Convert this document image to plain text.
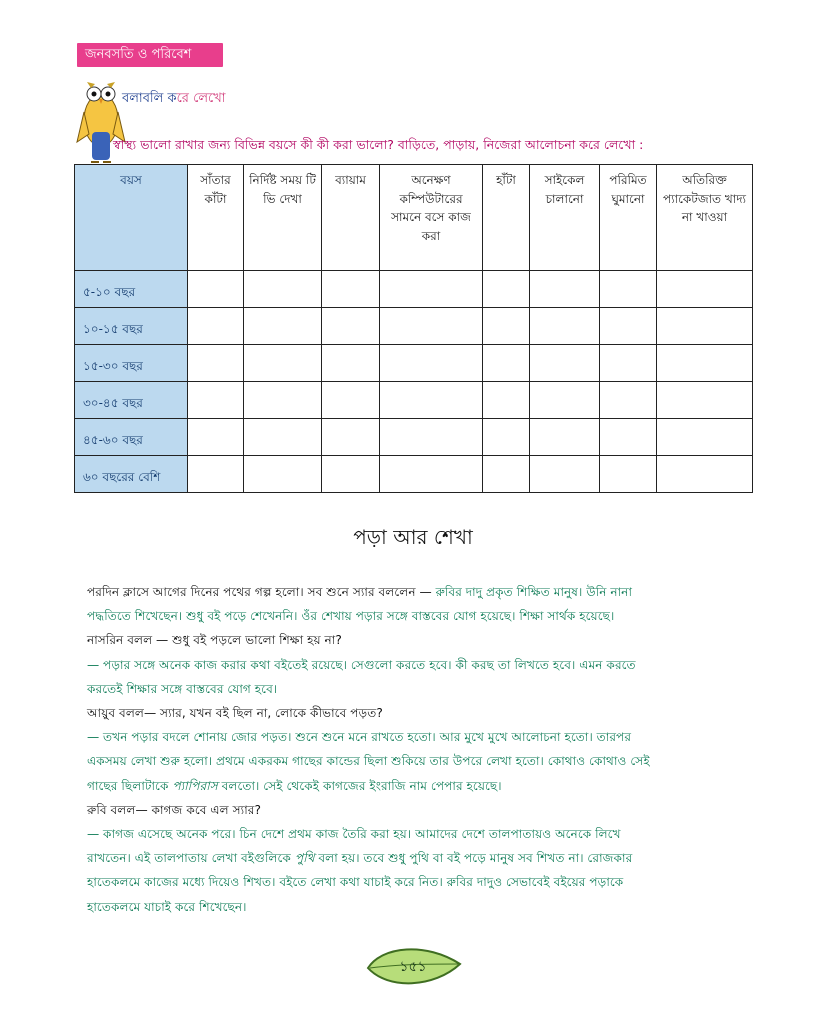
জনবসতি ও পরিবেশ
বলাবলি করে লেখো
স্বাস্থ্য ভালো রাখার জন্য বিভিন্ন বয়সে কী কী করা ভালো? বাড়িতে, পাড়ায়, নিজেরা আলোচনা করে লেখো :
বয়স	সাঁতার কাঁটা	নির্দিষ্ট সময় টি ভি দেখা	ব্যায়াম	অনেক্ষণ কম্পিউটারের সামনে বসে কাজ করা	হাঁটা	সাইকেল চালানো	পরিমিত ঘুমানো	অতিরিক্ত প্যাকেটজাত খাদ্য না খাওয়া
৫-১০ বছর								
১০-১৫ বছর								
১৫-৩০ বছর								
৩০-৪৫ বছর								
৪৫-৬০ বছর								
৬০ বছরের বেশি								
পড়া আর শেখা

পরদিন ক্লাসে আগের দিনের পথের গল্প হলো। সব শুনে স্যার বললেন — রুবির দাদু প্রকৃত শিক্ষিত মানুষ। উনি নানা

পদ্ধতিতে শিখেছেন। শুধু বই পড়ে শেখেননি। ওঁর শেখায় পড়ার সঙ্গে বাস্তবের যোগ হয়েছে। শিক্ষা সার্থক হয়েছে।

নাসরিন বলল — শুধু বই পড়লে ভালো শিক্ষা হয় না?

— পড়ার সঙ্গে অনেক কাজ করার কথা বইতেই রয়েছে। সেগুলো করতে হবে। কী করছ তা লিখতে হবে। এমন করতে

করতেই শিক্ষার সঙ্গে বাস্তবের যোগ হবে।

আয়ুব বলল— স্যার, যখন বই ছিল না, লোকে কীভাবে পড়ত?

— তখন পড়ার বদলে শোনায় জোর পড়ত। শুনে শুনে মনে রাখতে হতো। আর মুখে মুখে আলোচনা হতো। তারপর

একসময় লেখা শুরু হলো। প্রথমে একরকম গাছের কান্ডের ছিলা শুকিয়ে তার উপরে লেখা হতো। কোথাও কোথাও সেই

গাছের ছিলাটাকে প্যাপিরাস বলতো। সেই থেকেই কাগজের ইংরাজি নাম পেপার হয়েছে।

রুবি বলল— কাগজ কবে এল স্যার?

— কাগজ এসেছে অনেক পরে। চিন দেশে প্রথম কাজ তৈরি করা হয়। আমাদের দেশে তালপাতায়ও অনেকে লিখে

রাখতেন। এই তালপাতায় লেখা বইগুলিকে পুথি বলা হয়। তবে শুধু পুথি বা বই পড়ে মানুষ সব শিখত না। রোজকার

হাতেকলমে কাজের মধ্যে দিয়েও শিখত। বইতে লেখা কথা যাচাই করে নিত। রুবির দাদুও সেভাবেই বইয়ের পড়াকে

হাতেকলমে যাচাই করে শিখেছেন।

১৫১
